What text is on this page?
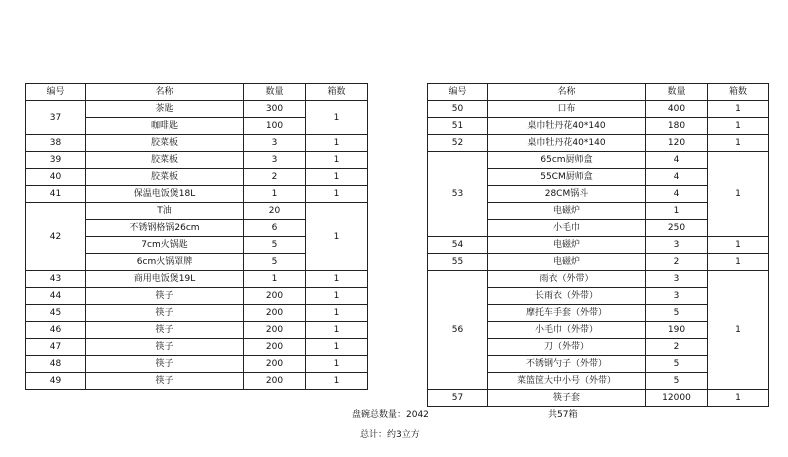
编号	名称	数量	箱数
37	茶匙	300	1
	咖啡匙	100	
38	胶菜板	3	1
39	胶菜板	3	1
40	胶菜板	2	1
41	保温电饭煲18L	1	1
42	T油	20	1
	不锈钢格锅26cm	6	
	7cm火锅匙	5	
	6cm火锅罩牌	5	
43	商用电饭煲19L	1	1
44	筷子	200	1
45	筷子	200	1
46	筷子	200	1
47	筷子	200	1
48	筷子	200	1
49	筷子	200	1
编号	名称	数量	箱数
50	口布	400	1
51	桌巾牡丹花40*140	180	1
52	桌巾牡丹花40*140	120	1
53	65cm厨师盒	4	1
	55CM厨师盒	4	
	28CM锅斗	4	
	电磁炉	1	
	小毛巾	250	
54	电磁炉	3	1
55	电磁炉	2	1
56	雨衣（外带）	3	1
	长雨衣（外带）	3	
	摩托车手套（外带）	5	
	小毛巾（外带）	190	
	刀（外带）	2	
	不锈钢勺子（外带）	5	
	菜篮筐大中小号（外带）	5	
57	筷子套	12000	1
盘碗总数量：2042	共57箱
总计：约3立方
